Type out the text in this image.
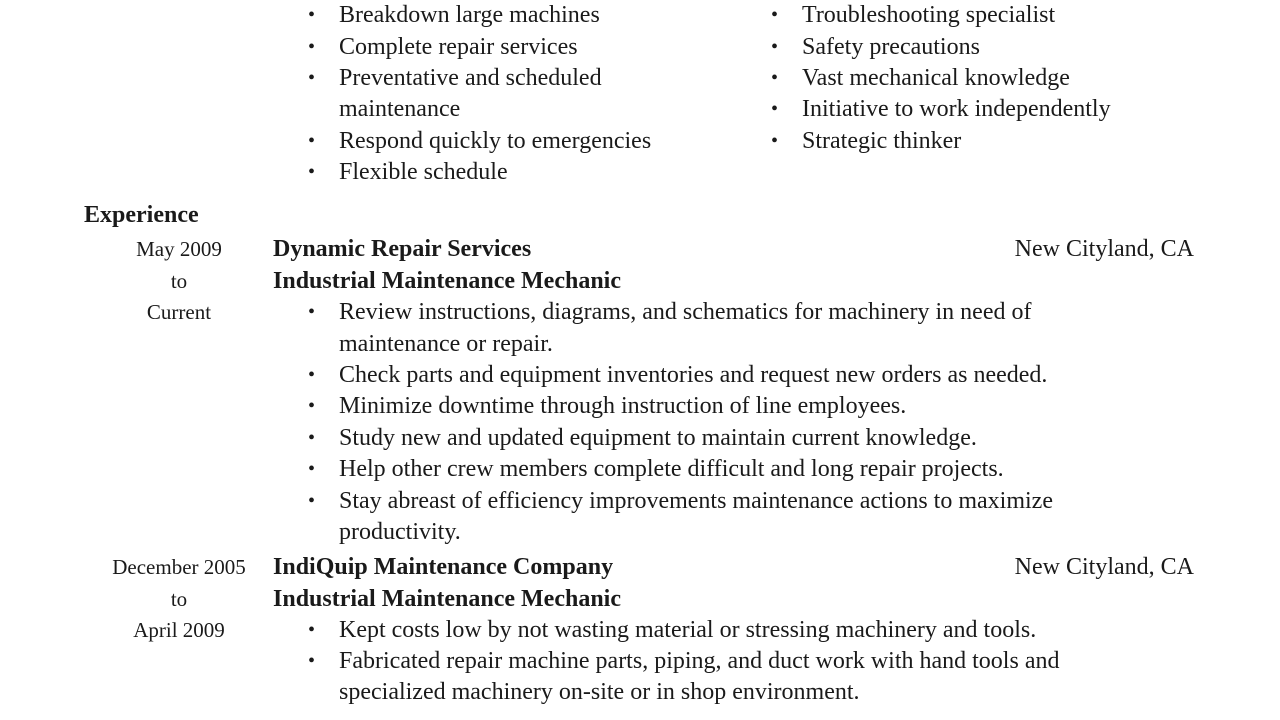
• Breakdown large machines
• Complete repair services
• Preventative and scheduled
maintenance
• Respond quickly to emergencies
• Flexible schedule
• Troubleshooting specialist
• Safety precautions
• Vast mechanical knowledge
• Initiative to work independently
• Strategic thinker
Experience
May 2009
to
Current
Dynamic Repair Services	New Cityland, CA
Industrial Maintenance Mechanic
• Review instructions, diagrams, and schematics for machinery in need of
maintenance or repair.
• Check parts and equipment inventories and request new orders as needed.
• Minimize downtime through instruction of line employees.
• Study new and updated equipment to maintain current knowledge.
• Help other crew members complete difficult and long repair projects.
• Stay abreast of efficiency improvements maintenance actions to maximize
productivity.
December 2005
to
April 2009
IndiQuip Maintenance Company	New Cityland, CA
Industrial Maintenance Mechanic
• Kept costs low by not wasting material or stressing machinery and tools.
• Fabricated repair machine parts, piping, and duct work with hand tools and
specialized machinery on-site or in shop environment.
